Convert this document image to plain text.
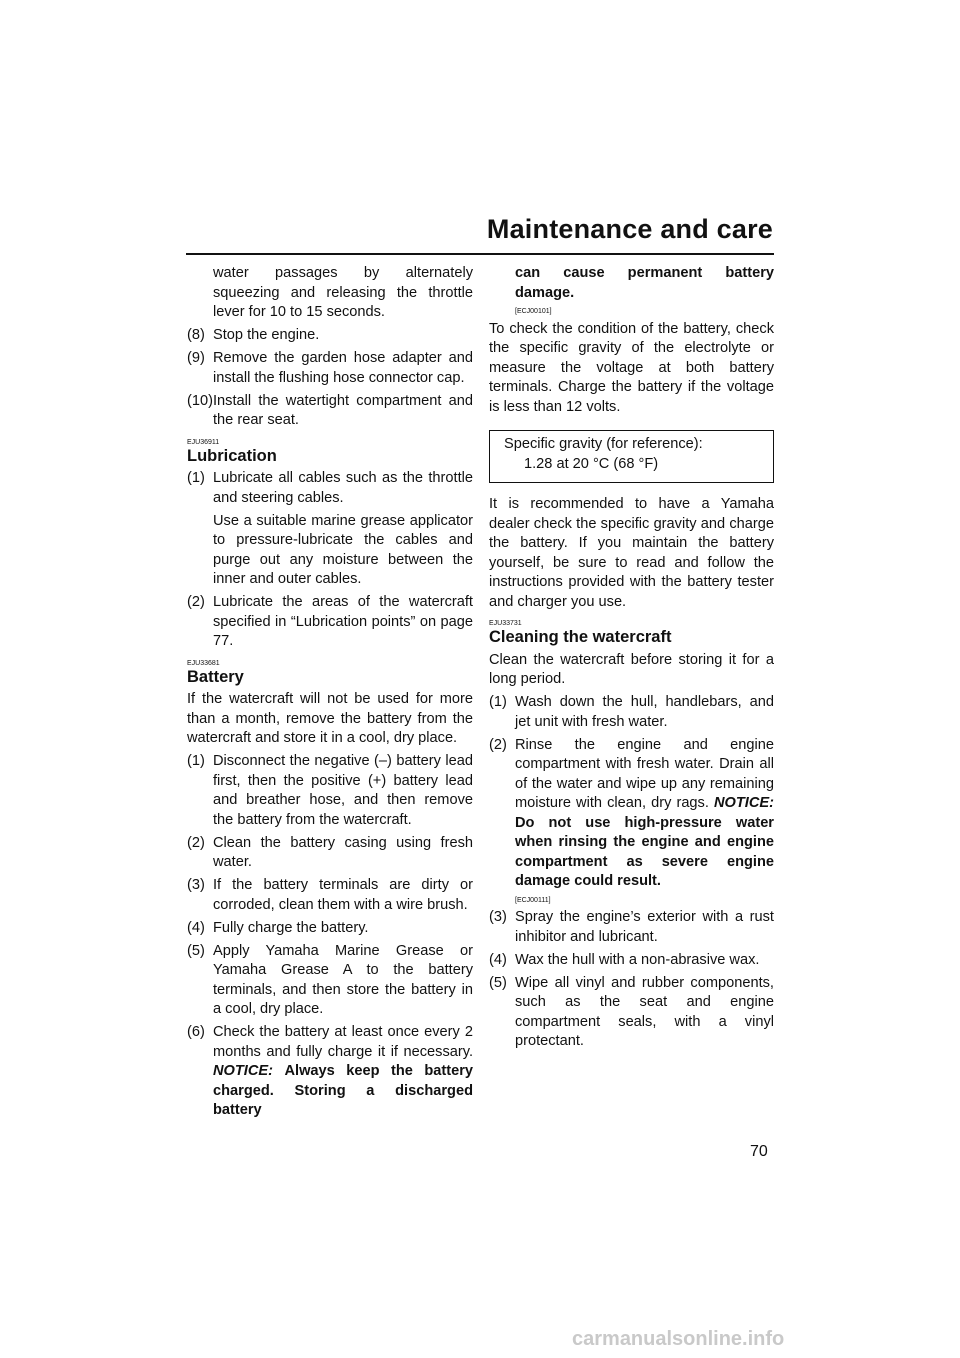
Maintenance and care
water passages by alternately squeezing and releasing the throttle lever for 10 to 15 seconds.
(8) Stop the engine.
(9) Remove the garden hose adapter and install the flushing hose connector cap.
(10) Install the watertight compartment and the rear seat.
EJU36911
Lubrication
(1) Lubricate all cables such as the throttle and steering cables.
Use a suitable marine grease applicator to pressure-lubricate the cables and purge out any moisture between the inner and outer cables.
(2) Lubricate the areas of the watercraft specified in “Lubrication points” on page 77.
EJU33681
Battery

If the watercraft will not be used for more than a month, remove the battery from the watercraft and store it in a cool, dry place.

(1) Disconnect the negative (–) battery lead first, then the positive (+) battery lead and breather hose, and then remove the battery from the watercraft.
(2) Clean the battery casing using fresh water.
(3) If the battery terminals are dirty or corroded, clean them with a wire brush.
(4) Fully charge the battery.
(5) Apply Yamaha Marine Grease or Yamaha Grease A to the battery terminals, and then store the battery in a cool, dry place.
(6) Check the battery at least once every 2 months and fully charge it if necessary. NOTICE: Always keep the battery charged. Storing a discharged battery
can cause permanent battery damage.
[ECJ00101]

To check the condition of the battery, check the specific gravity of the electrolyte or measure the voltage at both battery terminals. Charge the battery if the voltage is less than 12 volts.

Specific gravity (for reference):
1.28 at 20 °C (68 °F)

It is recommended to have a Yamaha dealer check the specific gravity and charge the battery. If you maintain the battery yourself, be sure to read and follow the instructions provided with the battery tester and charger you use.

EJU33731
Cleaning the watercraft

Clean the watercraft before storing it for a long period.

(1) Wash down the hull, handlebars, and jet unit with fresh water.
(2) Rinse the engine and engine compartment with fresh water. Drain all of the water and wipe up any remaining moisture with clean, dry rags. NOTICE: Do not use high-pressure water when rinsing the engine and engine compartment as severe engine damage could result.
[ECJ00111]
(3) Spray the engine’s exterior with a rust inhibitor and lubricant.
(4) Wax the hull with a non-abrasive wax.
(5) Wipe all vinyl and rubber components, such as the seat and engine compartment seals, with a vinyl protectant.
70
carmanualsonline.info
